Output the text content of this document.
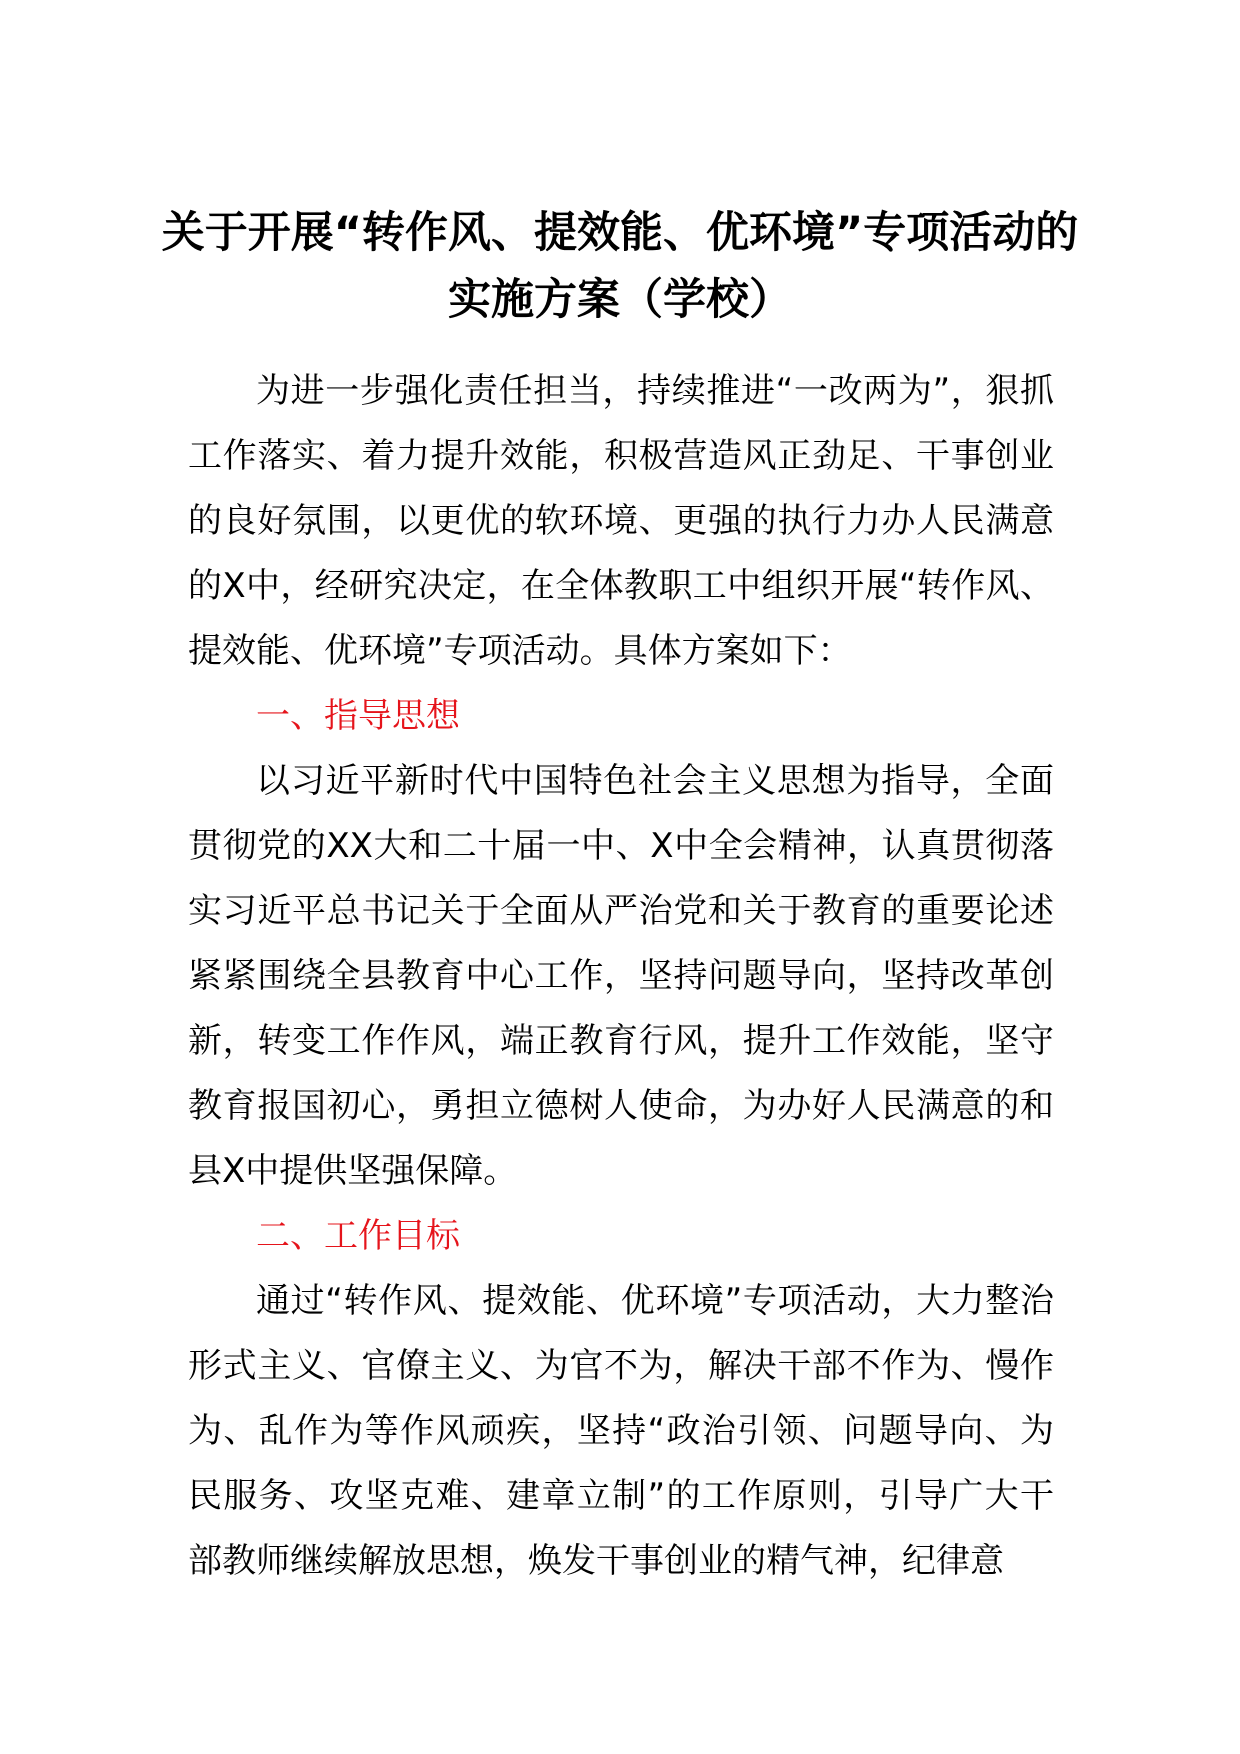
关于开展“转作风、提效能、优环境”专项活动的实施方案（学校）

为进一步强化责任担当，持续推进“一改两为”，狠抓工作落实、着力提升效能，积极营造风正劲足、干事创业的良好氛围，以更优的软环境、更强的执行力办人民满意的X中，经研究决定，在全体教职工中组织开展“转作风、提效能、优环境”专项活动。具体方案如下：

一、指导思想

以习近平新时代中国特色社会主义思想为指导，全面贯彻党的XX大和二十届一中、X中全会精神，认真贯彻落实习近平总书记关于全面从严治党和关于教育的重要论述紧紧围绕全县教育中心工作，坚持问题导向，坚持改革创新，转变工作作风，端正教育行风，提升工作效能，坚守教育报国初心，勇担立德树人使命，为办好人民满意的和县X中提供坚强保障。

二、工作目标

通过“转作风、提效能、优环境”专项活动，大力整治形式主义、官僚主义、为官不为，解决干部不作为、慢作为、乱作为等作风顽疾，坚持“政治引领、问题导向、为民服务、攻坚克难、建章立制”的工作原则，引导广大干部教师继续解放思想，焕发干事创业的精气神，纪律意
